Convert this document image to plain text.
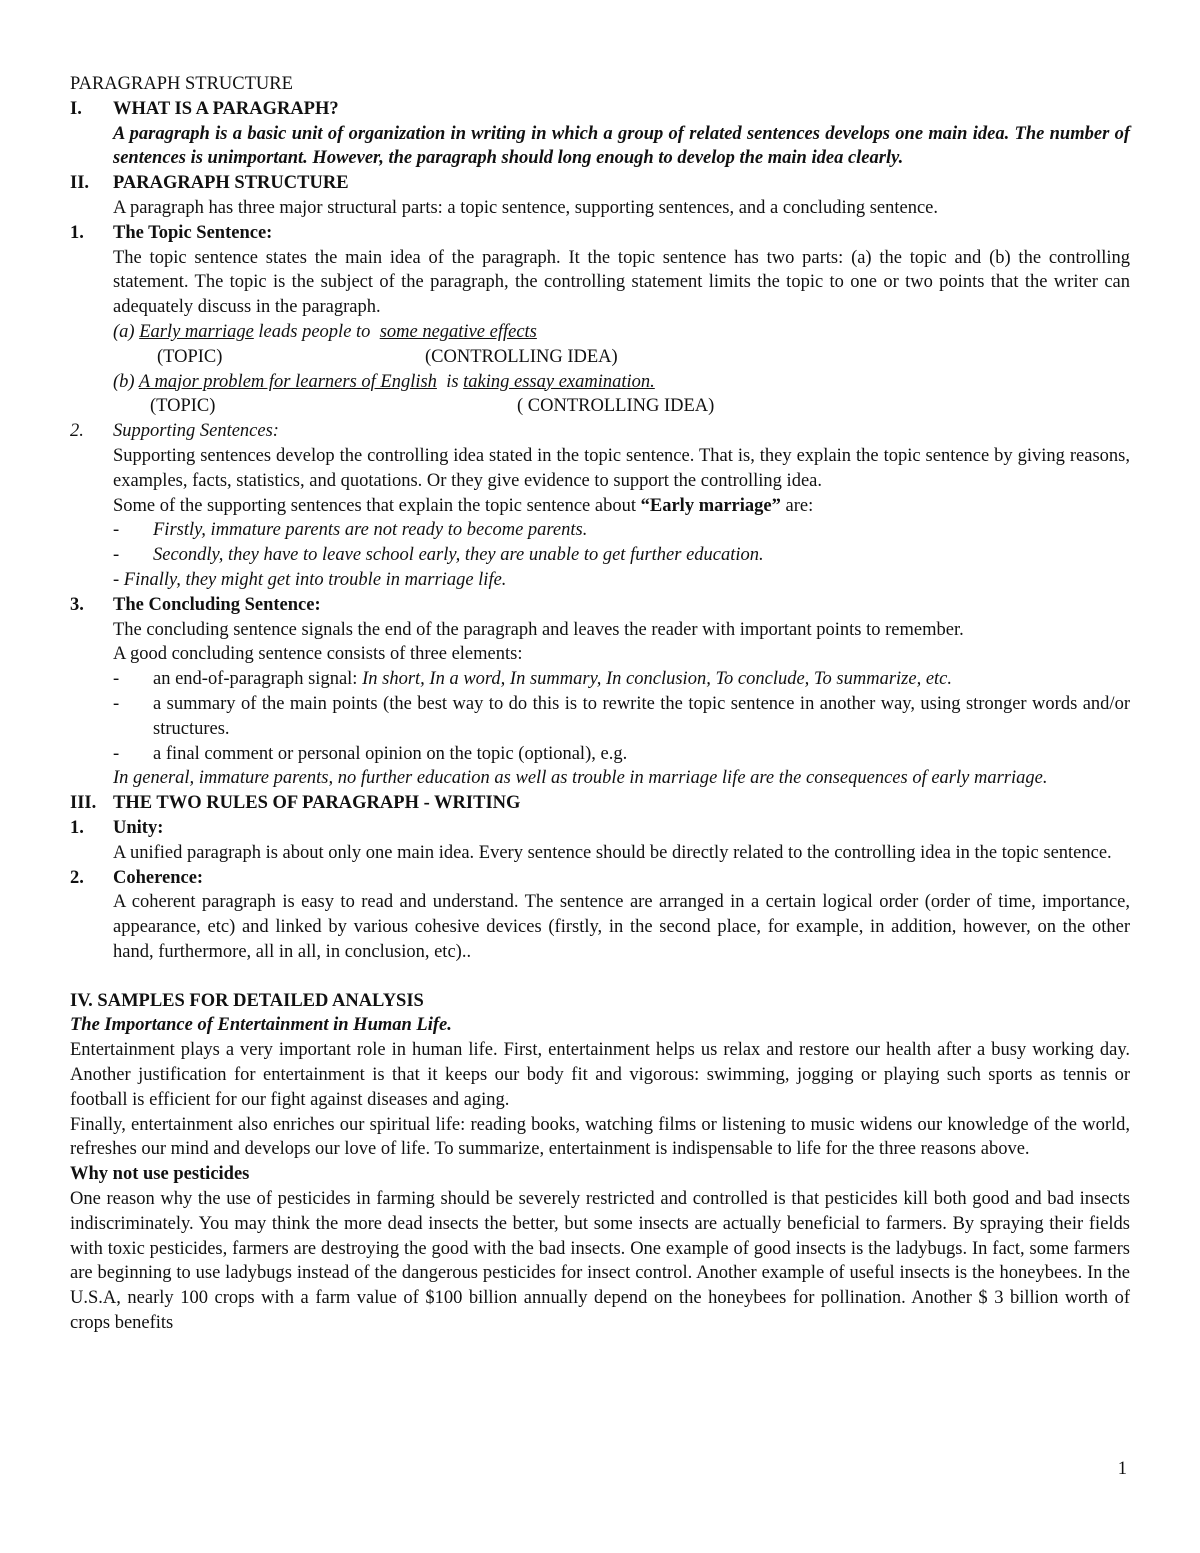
PARAGRAPH STRUCTURE
I. WHAT IS A PARAGRAPH?
A paragraph is a basic unit of organization in writing in which a group of related sentences develops one main idea. The number of sentences is unimportant. However, the paragraph should long enough to develop the main idea clearly.
II. PARAGRAPH STRUCTURE
A paragraph has three major structural parts: a topic sentence, supporting sentences, and a concluding sentence.
1. The Topic Sentence:
The topic sentence states the main idea of the paragraph. It the topic sentence has two parts: (a) the topic and (b) the controlling statement. The topic is the subject of the paragraph, the controlling statement limits the topic to one or two points that the writer can adequately discuss in the paragraph.
(a) Early marriage leads people to  some negative effects
(TOPIC)	(CONTROLLING IDEA)
(b) A major problem for learners of English  is taking essay examination.
(TOPIC)	( CONTROLLING IDEA)
2. Supporting Sentences:
Supporting sentences develop the controlling idea stated in the topic sentence. That is, they explain the topic sentence by giving reasons, examples, facts, statistics, and quotations. Or they give evidence to support the controlling idea.
Some of the supporting sentences that explain the topic sentence about “Early marriage” are:
- Firstly, immature parents are not ready to become parents.
- Secondly, they have to leave school early, they are unable to get further education.
- Finally, they might get into trouble in marriage life.
3. The Concluding Sentence:
The concluding sentence signals the end of the paragraph and leaves the reader with important points to remember.
A good concluding sentence consists of three elements:
- an end-of-paragraph signal: In short, In a word, In summary, In conclusion, To conclude, To summarize, etc.
- a summary of the main points (the best way to do this is to rewrite the topic sentence in another way, using stronger words and/or structures.
- a final comment or personal opinion on the topic (optional), e.g.
In general, immature parents, no further education as well as trouble in marriage life are the consequences of early marriage.
III. THE TWO RULES OF PARAGRAPH - WRITING
1. Unity:
A unified paragraph is about only one main idea. Every sentence should be directly related to the controlling idea in the topic sentence.
2. Coherence:
A coherent paragraph is easy to read and understand. The sentence are arranged in a certain logical order (order of time, importance, appearance, etc) and linked by various cohesive devices (firstly, in the second place, for example, in addition, however, on the other hand, furthermore, all in all, in conclusion, etc)..
IV. SAMPLES FOR DETAILED ANALYSIS
The Importance of Entertainment in Human Life.
Entertainment plays a very important role in human life. First, entertainment helps us relax and restore our health after a busy working day. Another justification for entertainment is that it keeps our body fit and vigorous: swimming, jogging or playing such sports as tennis or football is efficient for our fight against diseases and aging.
Finally, entertainment also enriches our spiritual life: reading books, watching films or listening to music widens our knowledge of the world, refreshes our mind and develops our love of life. To summarize, entertainment is indispensable to life for the three reasons above.
Why not use pesticides
One reason why the use of pesticides in farming should be severely restricted and controlled is that pesticides kill both good and bad insects indiscriminately. You may think the more dead insects the better, but some insects are actually beneficial to farmers. By spraying their fields with toxic pesticides, farmers are destroying the good with the bad insects. One example of good insects is the ladybugs. In fact, some farmers are beginning to use ladybugs instead of the dangerous pesticides for insect control. Another example of useful insects is the honeybees. In the U.S.A, nearly 100 crops with a farm value of $100 billion annually depend on the honeybees for pollination. Another $ 3 billion worth of crops benefits
1
